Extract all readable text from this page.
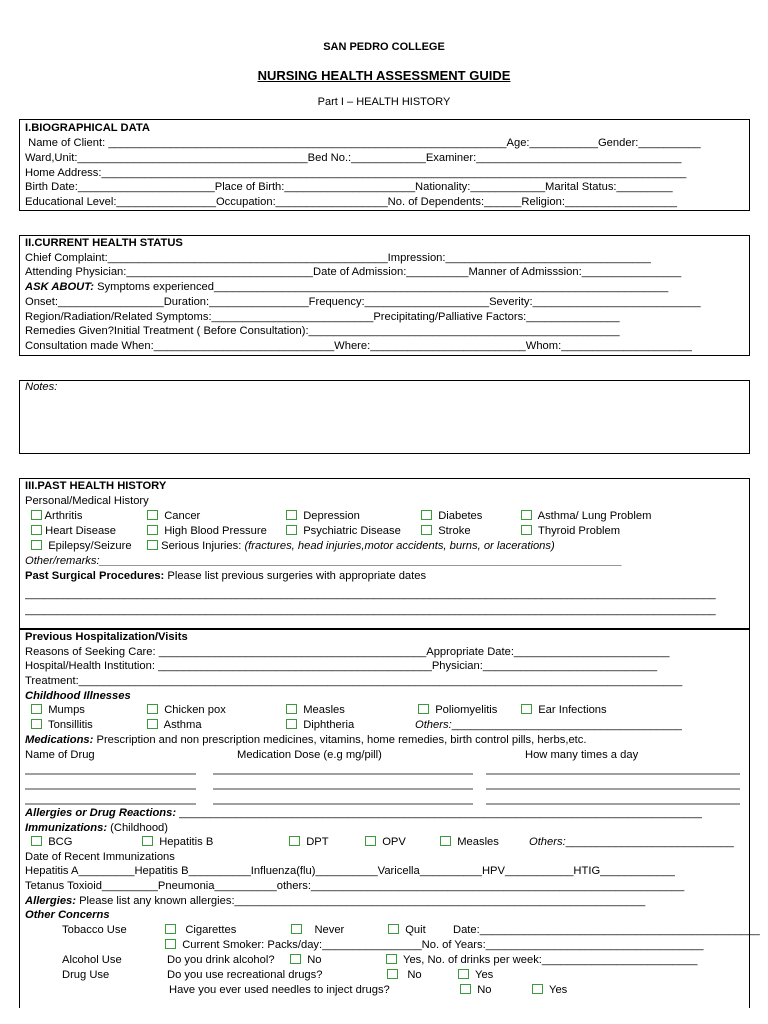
SAN PEDRO COLLEGE
NURSING HEALTH ASSESSMENT GUIDE
Part I – HEALTH HISTORY
I.BIOGRAPHICAL DATA
Name of Client: ________________________________________________________________Age:___________Gender:__________
Ward,Unit:_____________________________________Bed No.:____________Examiner:_________________________________
Home Address:______________________________________________________________________________________________
Birth Date:______________________Place of Birth:_____________________Nationality:____________Marital Status:_________
Educational Level:________________Occupation:__________________No. of Dependents:______Religion:__________________
II.CURRENT HEALTH STATUS
Chief Complaint:_____________________________________________Impression:_________________________________
Attending Physician:______________________________Date of Admission:__________Manner of Admisssion:________________
ASK ABOUT: Symptoms experienced_________________________________________________________________________
Onset:_________________Duration:________________Frequency:____________________Severity:___________________________
Region/Radiation/Related Symptoms:__________________________Precipitating/Palliative Factors:_______________
Remedies Given?Initial Treatment ( Before Consultation):__________________________________________________
Consultation made When:_____________________________Where:_________________________Whom:_____________________
Notes:
III.PAST HEALTH HISTORY
Personal/Medical History
Arthritis	Cancer	Depression	Diabetes	Asthma/ Lung Problem
Heart Disease	High Blood Pressure	Psychiatric Disease	Stroke	Thyroid Problem
Epilepsy/Seizure	Serious Injuries: (fractures, head injuries,motor accidents, burns, or lacerations)
Other/remarks:____________________________________________________________________________________
Past Surgical Procedures: Please list previous surgeries with appropriate dates
_______________________________________________________________________________________________________________
_______________________________________________________________________________________________________________
Previous Hospitalization/Visits
Reasons of Seeking Care: ___________________________________________Appropriate Date:_________________________
Hospital/Health Institution: ____________________________________________Physician:____________________________
Treatment:_________________________________________________________________________________________________
Childhood Illnesses
Mumps	Chicken pox	Measles	Poliomyelitis	Ear Infections
Tonsillitis	Asthma	Diphtheria	Others:_____________________________________
Medications: Prescription and non prescription medicines, vitamins, home remedies, birth control pills, herbs,etc.
Name of Drug	Medication Dose (e.g mg/pill)	How many times a day
Allergies or Drug Reactions: ____________________________________________________________________________________
Immunizations: (Childhood)
BCG	Hepatitis B	DPT	OPV	Measles	Others:___________________________
Date of Recent Immunizations
Hepatitis A_________Hepatitis B__________Influenza(flu)__________Varicella__________HPV___________HTIG____________
Tetanus Toxioid_________Pneumonia__________others:____________________________________________________________
Allergies: Please list any known allergies:__________________________________________________________________
Other Concerns
Tobacco Use	Cigarettes	Never	Quit Date:_____________________________________________
Current Smoker: Packs/day:________________No. of Years:___________________________________
Alcohol Use	Do you drink alcohol?	No	Yes, No. of drinks per week:_________________________
Drug Use	Do you use recreational drugs?	No	Yes
Have you ever used needles to inject drugs?	No	Yes
